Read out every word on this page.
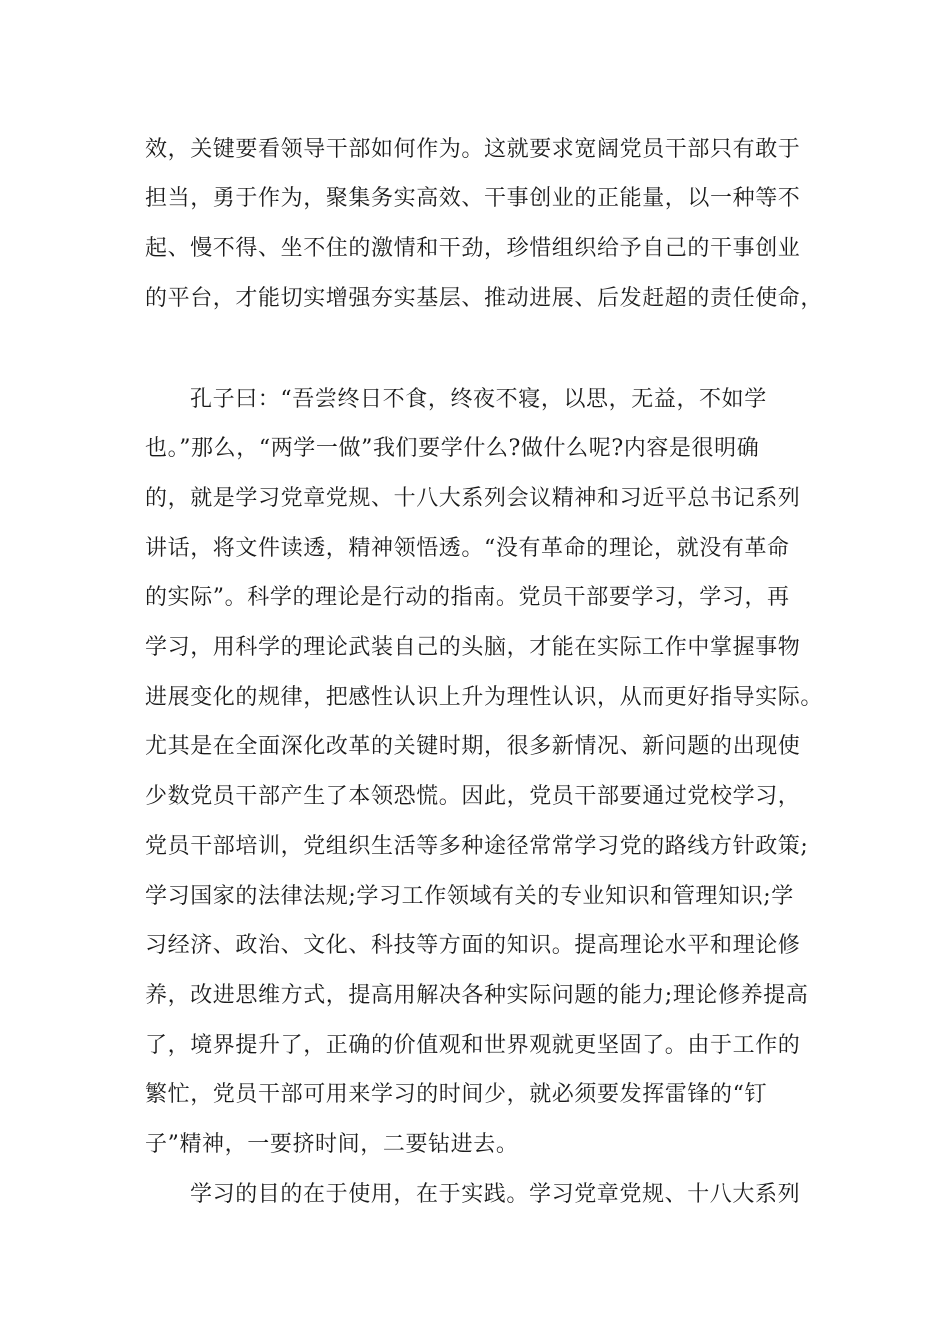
效，关键要看领导干部如何作为。这就要求宽阔党员干部只有敢于
担当，勇于作为，聚集务实高效、干事创业的正能量，以一种等不
起、慢不得、坐不住的激情和干劲，珍惜组织给予自己的干事创业
的平台，才能切实增强夯实基层、推动进展、后发赶超的责任使命，
孔子曰：“吾尝终日不食，终夜不寝，以思，无益，不如学
也。”那么，“两学一做”我们要学什么?做什么呢?内容是很明确
的，就是学习党章党规、十八大系列会议精神和习近平总书记系列
讲话，将文件读透，精神领悟透。“没有革命的理论，就没有革命
的实际”。科学的理论是行动的指南。党员干部要学习，学习，再
学习，用科学的理论武装自己的头脑，才能在实际工作中掌握事物
进展变化的规律，把感性认识上升为理性认识，从而更好指导实际。
尤其是在全面深化改革的关键时期，很多新情况、新问题的出现使
少数党员干部产生了本领恐慌。因此，党员干部要通过党校学习，
党员干部培训，党组织生活等多种途径常常学习党的路线方针政策;
学习国家的法律法规;学习工作领域有关的专业知识和管理知识;学
习经济、政治、文化、科技等方面的知识。提高理论水平和理论修
养，改进思维方式，提高用解决各种实际问题的能力;理论修养提高
了，境界提升了，正确的价值观和世界观就更坚固了。由于工作的
繁忙，党员干部可用来学习的时间少，就必须要发挥雷锋的“钉
子”精神，一要挤时间，二要钻进去。
学习的目的在于使用，在于实践。学习党章党规、十八大系列
